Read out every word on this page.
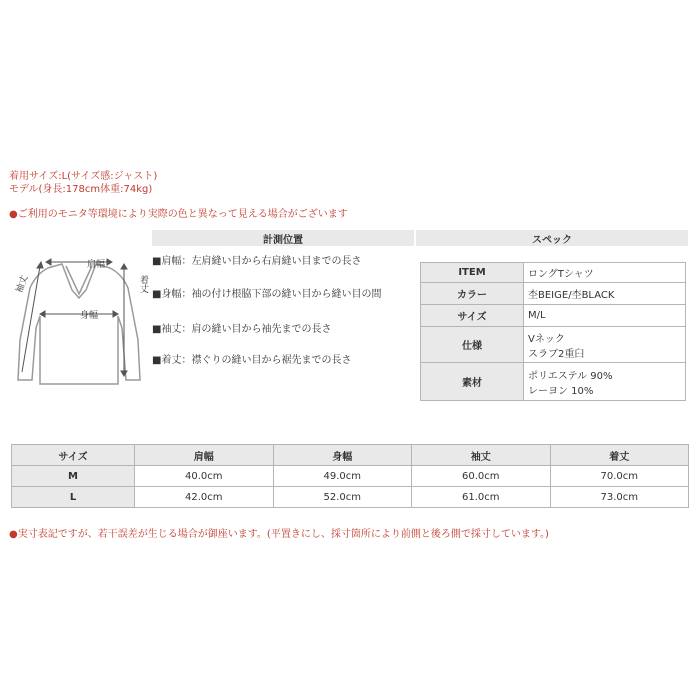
着用サイズ:L(サイズ感:ジャスト)
モデル(身長:178cm体重:74kg)
●ご利用のモニタ等環境により実際の色と異なって見える場合がございます
計測位置	スペック
肩幅
身幅
袖丈	着丈
■肩幅：左肩縫い目から右肩縫い目までの長さ
■身幅：袖の付け根脇下部の縫い目から縫い目の間
■袖丈：肩の縫い目から袖先までの長さ
■着丈：襟ぐりの縫い目から裾先までの長さ
ITEM	ロングTシャツ
カラー	杢BEIGE/杢BLACK
サイズ	M/L
仕様	Vネック
スラブ2重臼

素材	ポリエステル 90%
レーヨン 10%
サイズ	肩幅	身幅	袖丈	着丈
M	40.0cm	49.0cm	60.0cm	70.0cm
L	42.0cm	52.0cm	61.0cm	73.0cm
●実寸表記ですが、若干誤差が生じる場合が御座います。(平置きにし、採寸箇所により前側と後ろ側で採寸しています。)
